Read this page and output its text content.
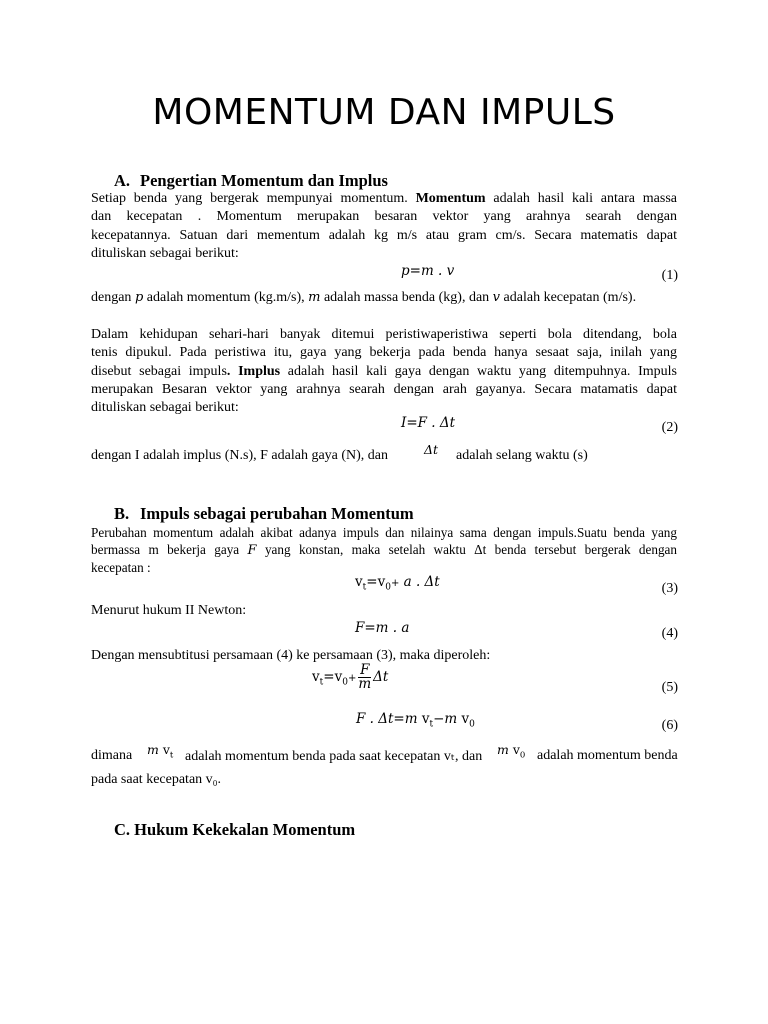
MOMENTUM DAN IMPULS
A. Pengertian Momentum dan Implus
Setiap benda yang bergerak mempunyai momentum. Momentum adalah hasil kali antara massa
dan kecepatan . Momentum merupakan besaran vektor yang arahnya searah dengan
kecepatannya. Satuan dari mementum adalah kg m/s atau gram cm/s. Secara matematis dapat
dituliskan sebagai berikut:
p=m . v	(1)
dengan p adalah momentum (kg.m/s), m adalah massa benda (kg), dan v adalah kecepatan (m/s).
Dalam kehidupan sehari-hari banyak ditemui peristiwaperistiwa seperti bola ditendang, bola
tenis dipukul. Pada peristiwa itu, gaya yang bekerja pada benda hanya sesaat saja, inilah yang
disebut sebagai impuls. Implus adalah hasil kali gaya dengan waktu yang ditempuhnya. Impuls
merupakan Besaran vektor yang arahnya searah dengan arah gayanya. Secara matamatis dapat
dituliskan sebagai berikut:
I=F . Δt	(2)
dengan I adalah implus (N.s), F adalah gaya (N), dan	Δt adalah selang waktu (s)
B. Impuls sebagai perubahan Momentum
Perubahan momentum adalah akibat adanya impuls dan nilainya sama dengan impuls.Suatu benda yang
bermassa m bekerja gaya F yang konstan, maka setelah waktu Δt benda tersebut bergerak dengan
kecepatan :
$v_t=v_0+ a$ . Δt	(3)
Menurut hukum II Newton:
F=m . a	(4)
Dengan mensubtitusi persamaan (4) ke persamaan (3), maka diperoleh:
$v_t=v_0+ \frac{F}{m}$ Δt
(5)
F . Δt=m $v_t-m$ $v_0$	(6)
dimana m $v_t$ adalah momentum benda pada saat kecepatan vₜ, dan m $v_0$ adalah momentum benda
pada saat kecepatan v₀.
C. Hukum Kekekalan Momentum
